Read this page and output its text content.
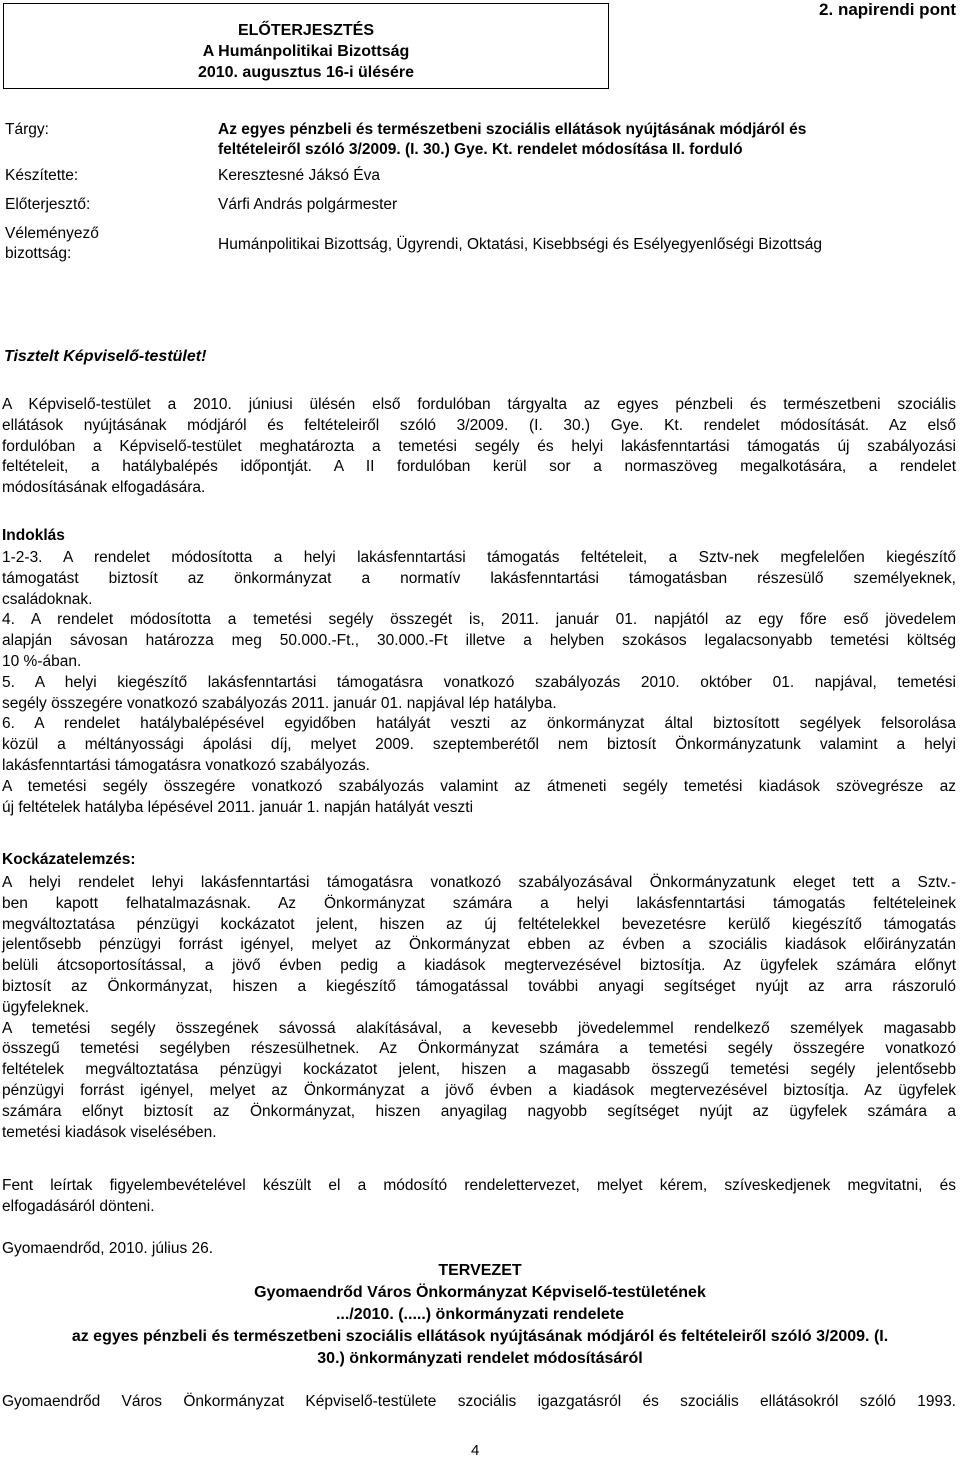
ELŐTERJESZTÉS
A Humánpolitikai Bizottság
2010. augusztus 16-i ülésére
2. napirendi pont
Tárgy:	Az egyes pénzbeli és természetbeni szociális ellátások nyújtásának módjáról és
feltételeiről szóló 3/2009. (I. 30.) Gye. Kt. rendelet módosítása II. forduló
Készítette:	Keresztesné Jáksó Éva
Előterjesztő:	Várfi András polgármester
Véleményező
bizottság:
Humánpolitikai Bizottság, Ügyrendi, Oktatási, Kisebbségi és Esélyegyenlőségi Bizottság
Tisztelt Képviselő-testület!
A Képviselő-testület a 2010. júniusi ülésén első fordulóban tárgyalta az egyes pénzbeli és természetbeni szociális
ellátások nyújtásának módjáról és feltételeiről szóló 3/2009. (I. 30.) Gye. Kt. rendelet módosítását. Az első
fordulóban a Képviselő-testület meghatározta a temetési segély és helyi lakásfenntartási támogatás új szabályozási
feltételeit, a hatálybalépés időpontját. A II fordulóban kerül sor a normaszöveg megalkotására, a rendelet
módosításának elfogadására.
Indoklás
1-2-3. A rendelet módosította a helyi lakásfenntartási támogatás feltételeit, a Sztv-nek megfelelően kiegészítő
támogatást biztosít az önkormányzat a normatív lakásfenntartási támogatásban részesülő személyeknek,
családoknak.
4. A rendelet módosította a temetési segély összegét is, 2011. január 01. napjától az egy főre eső jövedelem
alapján sávosan határozza meg 50.000.-Ft., 30.000.-Ft illetve a helyben szokásos legalacsonyabb temetési költség
10 %-ában.
5. A helyi kiegészítő lakásfenntartási támogatásra vonatkozó szabályozás 2010. október 01. napjával, temetési
segély összegére vonatkozó szabályozás 2011. január 01. napjával lép hatályba.
6. A rendelet hatálybalépésével egyidőben hatályát veszti az önkormányzat által biztosított segélyek felsorolása
közül a méltányossági ápolási díj, melyet 2009. szeptemberétől nem biztosít Önkormányzatunk valamint a helyi
lakásfenntartási támogatásra vonatkozó szabályozás.
A temetési segély összegére vonatkozó szabályozás valamint az átmeneti segély temetési kiadások szövegrésze az
új feltételek hatályba lépésével 2011. január 1. napján hatályát veszti
Kockázatelemzés:
A helyi rendelet lehyi lakásfenntartási támogatásra vonatkozó szabályozásával Önkormányzatunk eleget tett a Sztv.-
ben kapott felhatalmazásnak. Az Önkormányzat számára a helyi lakásfenntartási támogatás feltételeinek
megváltoztatása pénzügyi kockázatot jelent, hiszen az új feltételekkel bevezetésre kerülő kiegészítő támogatás
jelentősebb pénzügyi forrást igényel, melyet az Önkormányzat ebben az évben a szociális kiadások előirányzatán
belüli átcsoportosítással, a jövő évben pedig a kiadások megtervezésével biztosítja. Az ügyfelek számára előnyt
biztosít az Önkormányzat, hiszen a kiegészítő támogatással további anyagi segítséget nyújt az arra rászoruló
ügyfeleknek.
A temetési segély összegének sávossá alakításával, a kevesebb jövedelemmel rendelkező személyek magasabb
összegű temetési segélyben részesülhetnek. Az Önkormányzat számára a temetési segély összegére vonatkozó
feltételek megváltoztatása pénzügyi kockázatot jelent, hiszen a magasabb összegű temetési segély jelentősebb
pénzügyi forrást igényel, melyet az Önkormányzat a jövő évben a kiadások megtervezésével biztosítja. Az ügyfelek
számára előnyt biztosít az Önkormányzat, hiszen anyagilag nagyobb segítséget nyújt az ügyfelek számára a
temetési kiadások viselésében.
Fent leírtak figyelembevételével készült el a módosító rendelettervezet, melyet kérem, szíveskedjenek megvitatni, és
elfogadásáról dönteni.
Gyomaendrőd, 2010. július 26.
TERVEZET
Gyomaendrőd Város Önkormányzat Képviselő-testületének
.../2010. (.....) önkormányzati rendelete
az egyes pénzbeli és természetbeni szociális ellátások nyújtásának módjáról és feltételeiről szóló 3/2009. (I.
30.) önkormányzati rendelet módosításáról
Gyomaendrőd Város Önkormányzat Képviselő-testülete szociális igazgatásról és szociális ellátásokról szóló 1993.
4
